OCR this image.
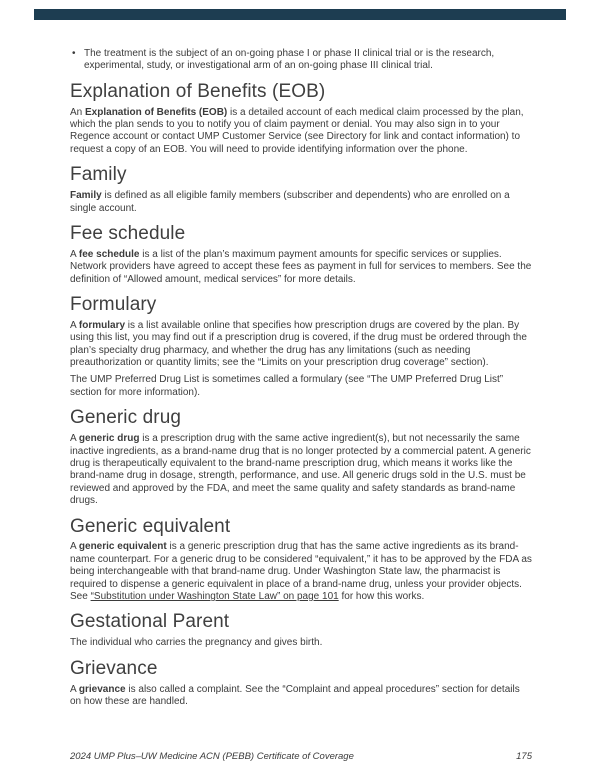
• The treatment is the subject of an on-going phase I or phase II clinical trial or is the research, experimental, study, or investigational arm of an on-going phase III clinical trial.
Explanation of Benefits (EOB)

An Explanation of Benefits (EOB) is a detailed account of each medical claim processed by the plan, which the plan sends to you to notify you of claim payment or denial. You may also sign in to your Regence account or contact UMP Customer Service (see Directory for link and contact information) to request a copy of an EOB. You will need to provide identifying information over the phone.

Family

Family is defined as all eligible family members (subscriber and dependents) who are enrolled on a single account.

Fee schedule

A fee schedule is a list of the plan’s maximum payment amounts for specific services or supplies. Network providers have agreed to accept these fees as payment in full for services to members. See the definition of “Allowed amount, medical services” for more details.

Formulary

A formulary is a list available online that specifies how prescription drugs are covered by the plan. By using this list, you may find out if a prescription drug is covered, if the drug must be ordered through the plan’s specialty drug pharmacy, and whether the drug has any limitations (such as needing preauthorization or quantity limits; see the “Limits on your prescription drug coverage” section).

The UMP Preferred Drug List is sometimes called a formulary (see “The UMP Preferred Drug List” section for more information).

Generic drug

A generic drug is a prescription drug with the same active ingredient(s), but not necessarily the same inactive ingredients, as a brand-name drug that is no longer protected by a commercial patent. A generic drug is therapeutically equivalent to the brand-name prescription drug, which means it works like the brand-name drug in dosage, strength, performance, and use. All generic drugs sold in the U.S. must be reviewed and approved by the FDA, and meet the same quality and safety standards as brand-name drugs.

Generic equivalent

A generic equivalent is a generic prescription drug that has the same active ingredients as its brand-name counterpart. For a generic drug to be considered “equivalent,” it has to be approved by the FDA as being interchangeable with that brand-name drug. Under Washington State law, the pharmacist is required to dispense a generic equivalent in place of a brand-name drug, unless your provider objects. See “Substitution under Washington State Law” on page 101 for how this works.

Gestational Parent

The individual who carries the pregnancy and gives birth.

Grievance

A grievance is also called a complaint. See the “Complaint and appeal procedures” section for details on how these are handled.

2024 UMP Plus–UW Medicine ACN (PEBB) Certificate of Coverage	175
